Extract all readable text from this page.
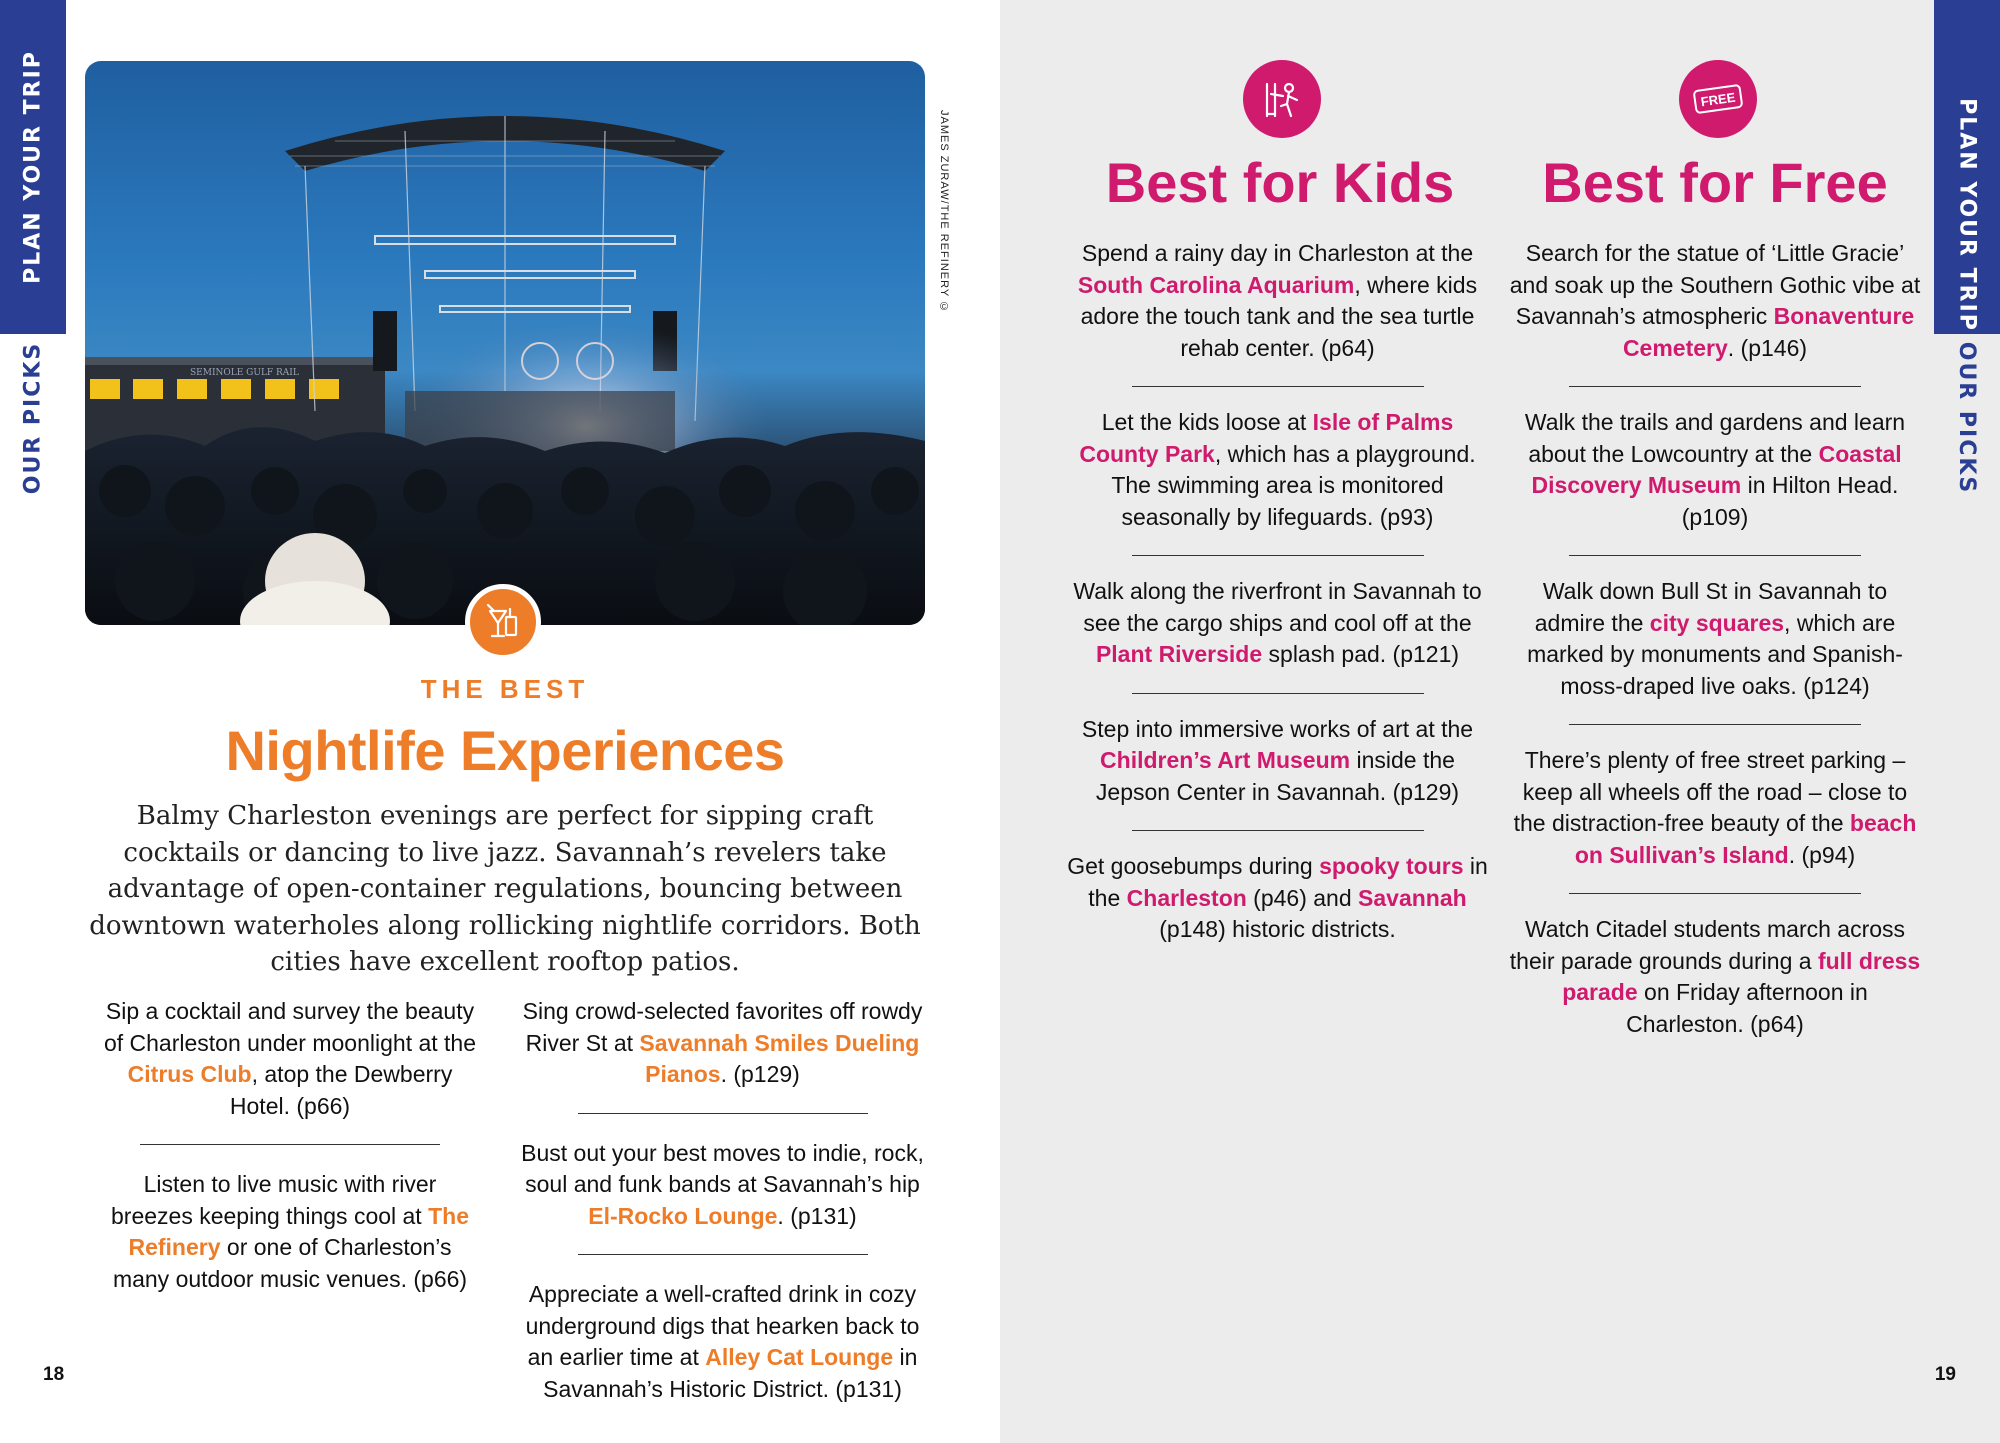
PLAN YOUR TRIP
OUR PICKS	SEMINOLE GULF RAIL
JAMES ZURAW/THE REFINERY ©
THE BEST
Nightlife Experiences
Balmy Charleston evenings are perfect for sipping craft cocktails or dancing to live jazz. Savannah’s revelers take advantage of open-container regulations, bouncing between downtown waterholes along rollicking nightlife corridors. Both cities have excellent rooftop patios.

Sip a cocktail and survey the beauty of Charleston under moonlight at the Citrus Club, atop the Dewberry Hotel. (p66)

Listen to live music with river breezes keeping things cool at The Refinery or one of Charleston’s many outdoor music venues. (p66)

Sing crowd-selected favorites off rowdy River St at Savannah Smiles Dueling Pianos. (p129)

Bust out your best moves to indie, rock, soul and funk bands at Savannah’s hip El-Rocko Lounge. (p131)

Appreciate a well-crafted drink in cozy underground digs that hearken back to an earlier time at Alley Cat Lounge in Savannah’s Historic District. (p131)

18
PLAN YOUR TRIP
OUR PICKS
FREE
Best for Kids	Best for Free

Spend a rainy day in Charleston at the South Carolina Aquarium, where kids adore the touch tank and the sea turtle rehab center. (p64)

Let the kids loose at Isle of Palms County Park, which has a playground. The swimming area is monitored seasonally by lifeguards. (p93)

Walk along the riverfront in Savannah to see the cargo ships and cool off at the Plant Riverside splash pad. (p121)

Step into immersive works of art at the Children’s Art Museum inside the Jepson Center in Savannah. (p129)

Get goosebumps during spooky tours in the Charleston (p46) and Savannah (p148) historic districts.

Search for the statue of ‘Little Gracie’ and soak up the Southern Gothic vibe at Savannah’s atmospheric Bonaventure Cemetery. (p146)

Walk the trails and gardens and learn about the Lowcountry at the Coastal Discovery Museum in Hilton Head. (p109)

Walk down Bull St in Savannah to admire the city squares, which are marked by monuments and Spanish-moss-draped live oaks. (p124)

There’s plenty of free street parking – keep all wheels off the road – close to the distraction-free beauty of the beach on Sullivan’s Island. (p94)

Watch Citadel students march across their parade grounds during a full dress parade on Friday afternoon in Charleston. (p64)

19
